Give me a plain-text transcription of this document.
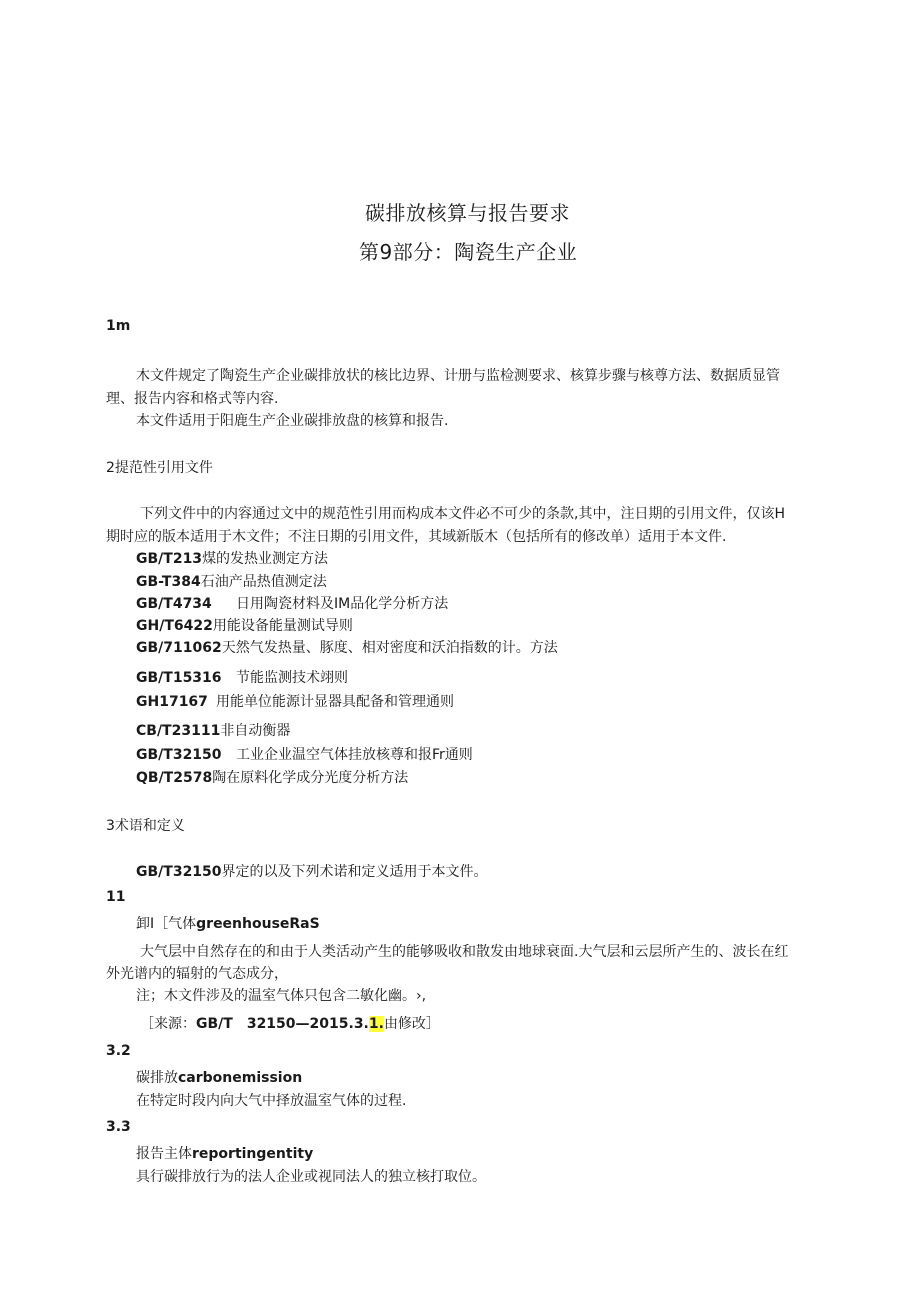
碳排放核算与报告要求
第9部分：陶瓷生产企业
1m
木文件规定了陶瓷生产企业碳排放状的核比边界、计册与监检测要求、核算步骤与核尊方法、数据质显管
理、报告内容和格式等内容.
本文件适用于阳鹿生产企业碳排放盘的核算和报告.
2提范性引用文件
下列文件中的内容通过文中的规范性引用而构成本文件必不可少的条款,其中，注日期的引用文件，仅该H
期时应的版本适用于木文件；不注日期的引用文件，其域新版木（包括所有的修改单）适用于本文件.
GB/T213煤的发热业测定方法
GB-T384石油产品热值测定法
GB/T4734 日用陶瓷材料及IM品化学分析方法
GH/T6422用能设备能量测试导则
GB/711062天然气发热量、豚度、相对密度和沃泊指数的计。方法
GB/T15316 节能监测技术翊则
GH17167 用能单位能源计显器具配备和管理通则
CB/T23111非自动衡器
GB/T32150 工业企业温空气体挂放核尊和报Fr通则
QB/T2578陶在原料化学成分光度分析方法
3术语和定义
GB/T32150界定的以及下列术诺和定义适用于本文件。
11
卸I［气体greenhouseRaS
大气层中自然存在的和由于人类活动产生的能够吸收和散发由地球衰面.大气层和云层所产生的、波长在红
外光谱内的辐射的气态成分，
注；木文件涉及的温室气体只包含二敏化幽。›,
［来源：GB/T　32150—2015.3.1.由修改］
3.2
碳排放carbonemission
在特定时段内向大气中择放温室气体的过程.
3.3
报告主体reportingentity
具行碳排放行为的法人企业或视同法人的独立核打取位。
